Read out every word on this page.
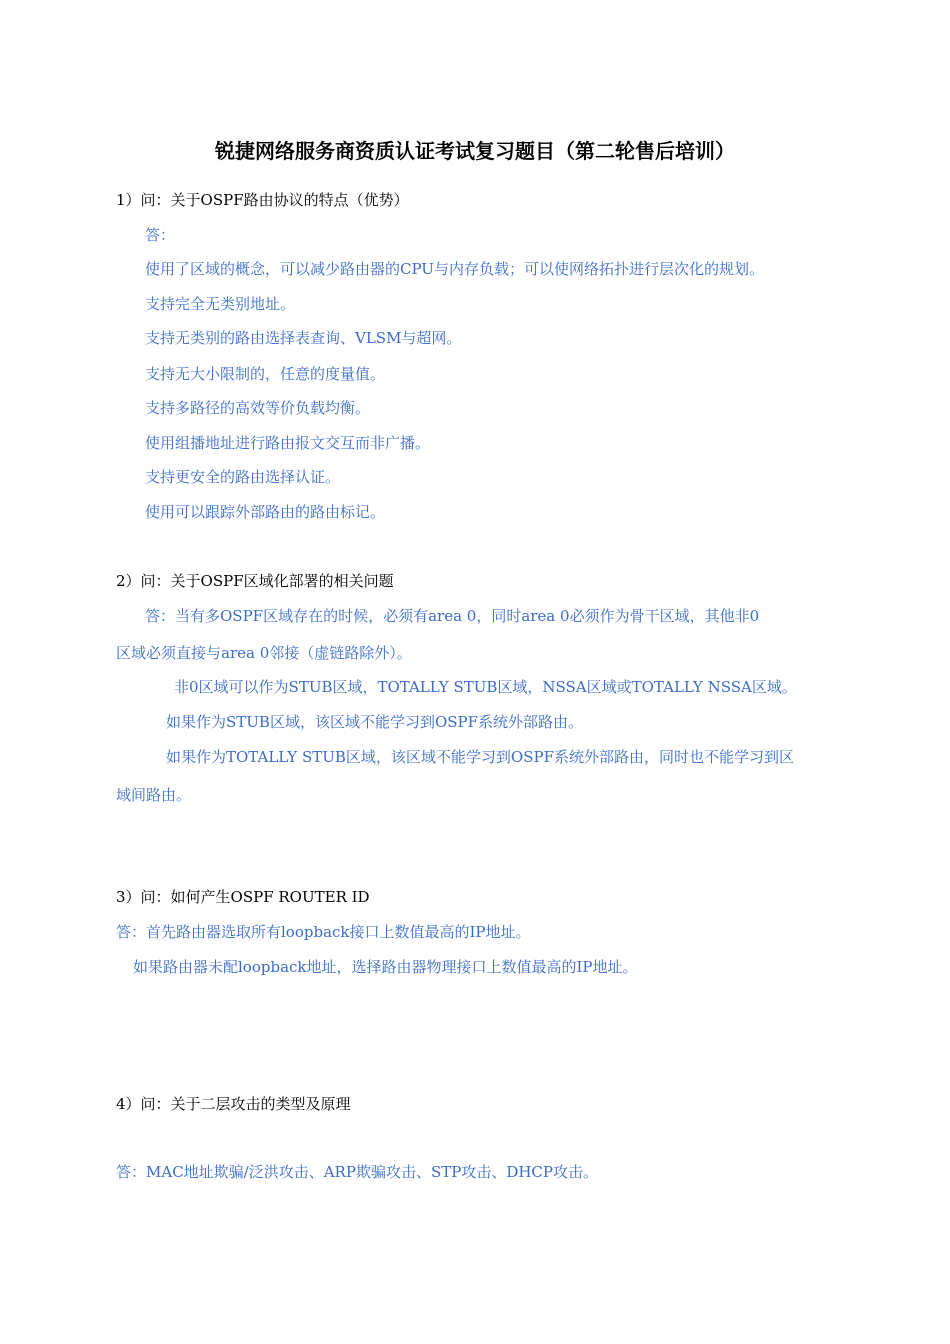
锐捷网络服务商资质认证考试复习题目（第二轮售后培训）
1）问：关于OSPF路由协议的特点（优势）
答：
使用了区域的概念，可以减少路由器的CPU与内存负载；可以使网络拓扑进行层次化的规划。
支持完全无类别地址。
支持无类别的路由选择表查询、VLSM与超网。
支持无大小限制的，任意的度量值。
支持多路径的高效等价负载均衡。
使用组播地址进行路由报文交互而非广播。
支持更安全的路由选择认证。
使用可以跟踪外部路由的路由标记。
2）问：关于OSPF区域化部署的相关问题
答：当有多OSPF区域存在的时候，必须有area 0，同时area 0必须作为骨干区域，其他非0
区域必须直接与area 0邻接（虚链路除外）。
非0区域可以作为STUB区域，TOTALLY STUB区域，NSSA区域或TOTALLY NSSA区域。
如果作为STUB区域，该区域不能学习到OSPF系统外部路由。
如果作为TOTALLY STUB区域，该区域不能学习到OSPF系统外部路由，同时也不能学习到区
域间路由。
3）问：如何产生OSPF ROUTER ID
答：首先路由器选取所有loopback接口上数值最高的IP地址。
如果路由器未配loopback地址，选择路由器物理接口上数值最高的IP地址。
4）问：关于二层攻击的类型及原理
答：MAC地址欺骗/泛洪攻击、ARP欺骗攻击、STP攻击、DHCP攻击。
